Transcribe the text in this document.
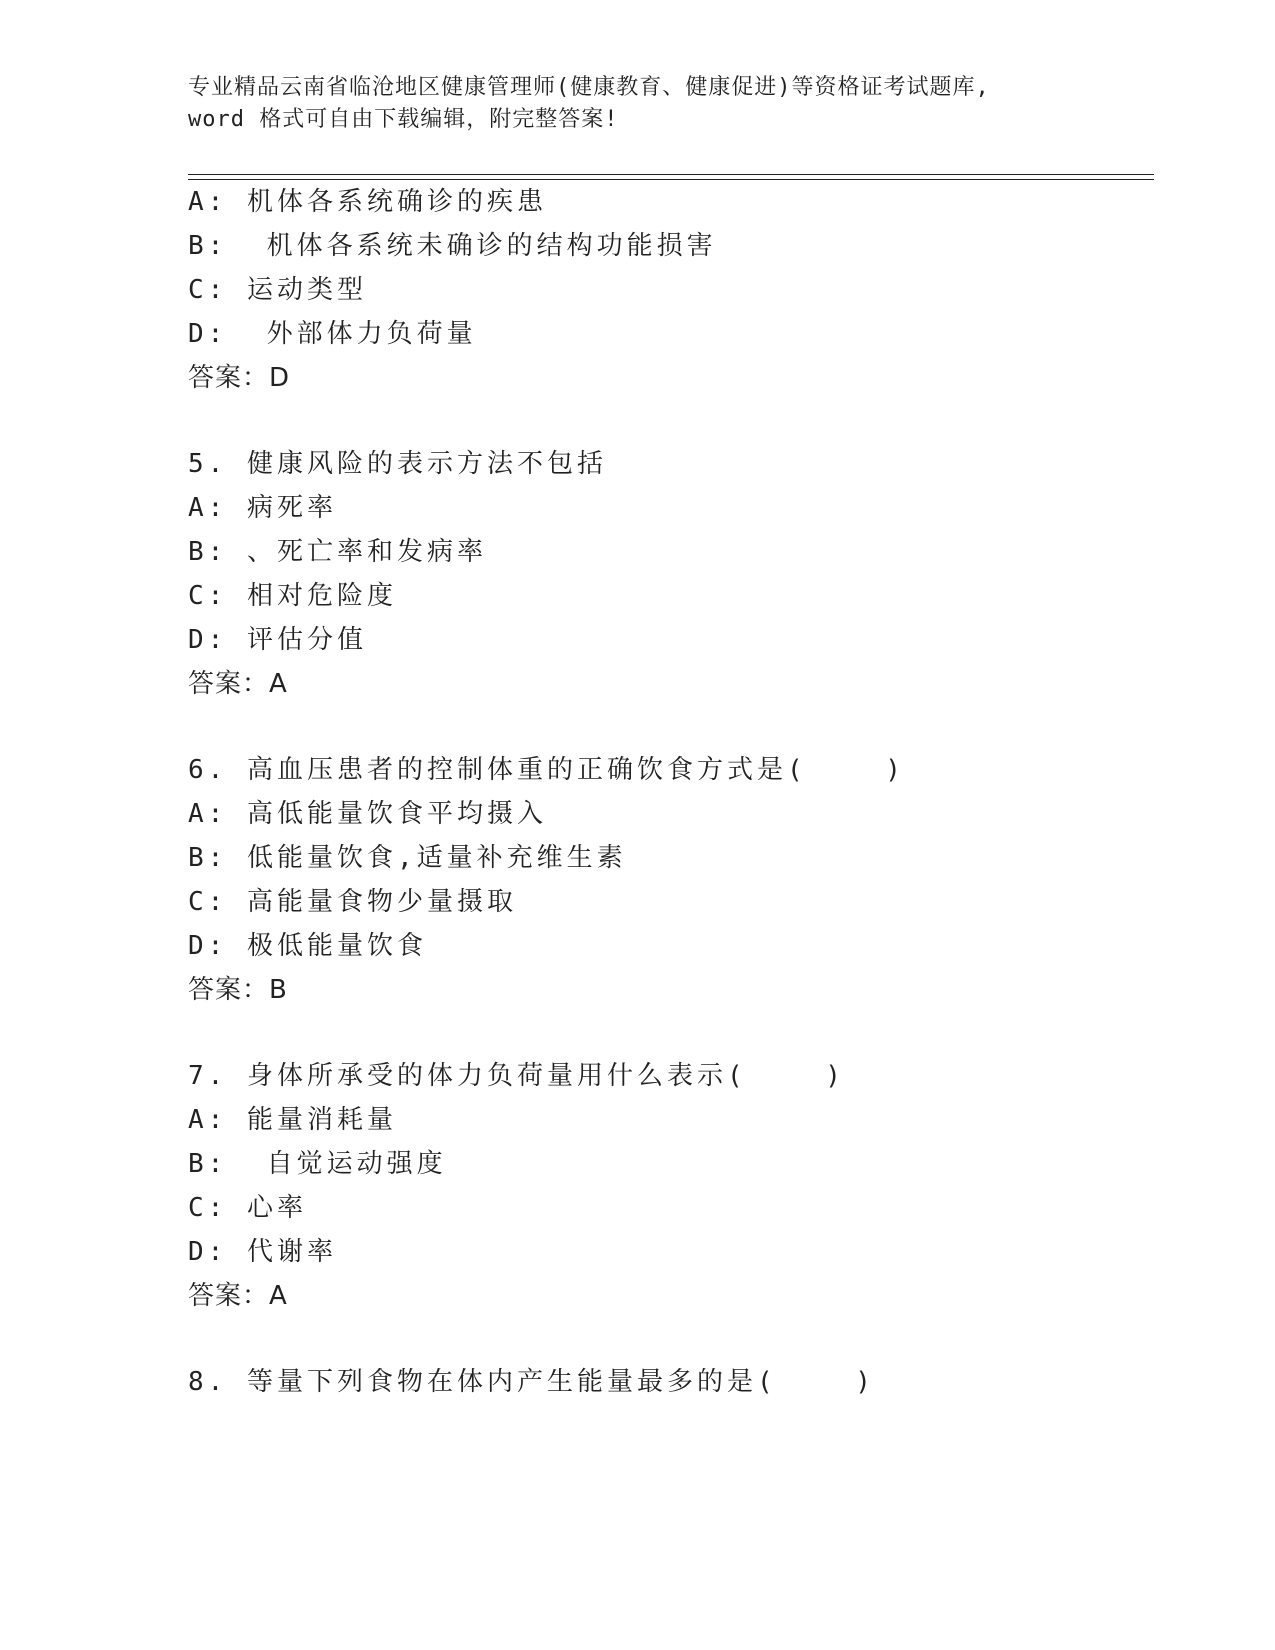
专业精品云南省临沧地区健康管理师(健康教育、健康促进)等资格证考试题库,
word 格式可自由下载编辑，附完整答案!
A: 机体各系统确诊的疾患
B:  机体各系统未确诊的结构功能损害
C: 运动类型
D:  外部体力负荷量
答案：D
5. 健康风险的表示方法不包括
A: 病死率
B: 、死亡率和发病率
C: 相对危险度
D: 评估分值
答案：A
6. 高血压患者的控制体重的正确饮食方式是(    )
A: 高低能量饮食平均摄入
B: 低能量饮食,适量补充维生素
C: 高能量食物少量摄取
D: 极低能量饮食
答案：B
7. 身体所承受的体力负荷量用什么表示(    )
A: 能量消耗量
B:  自觉运动强度
C: 心率
D: 代谢率
答案：A
8. 等量下列食物在体内产生能量最多的是(    )
